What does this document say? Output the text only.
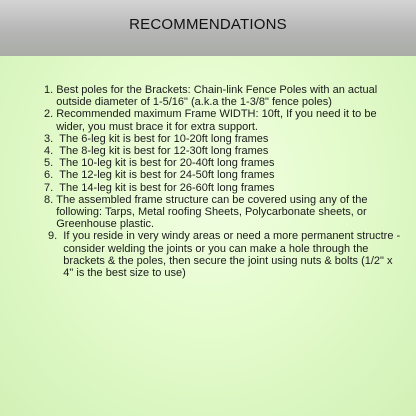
RECOMMENDATIONS
1. Best poles for the Brackets: Chain-link Fence Poles with an actual outside diameter of 1-5/16" (a.k.a the 1-3/8" fence poles)
2. Recommended maximum Frame WIDTH: 10ft, If you need it to be wider, you must brace it for extra support.
3. The 6-leg kit is best for 10-20ft long frames
4. The 8-leg kit is best for 12-30ft long frames
5. The 10-leg kit is best for 20-40ft long frames
6. The 12-leg kit is best for 24-50ft long frames
7. The 14-leg kit is best for 26-60ft long frames
8. The assembled frame structure can be covered using any of the following: Tarps, Metal roofing Sheets, Polycarbonate sheets, or Greenhouse plastic.
9. If you reside in very windy areas or need a more permanent structre - consider welding the joints or you can make a hole through the brackets & the poles, then secure the joint using nuts & bolts (1/2" x 4" is the best size to use)
